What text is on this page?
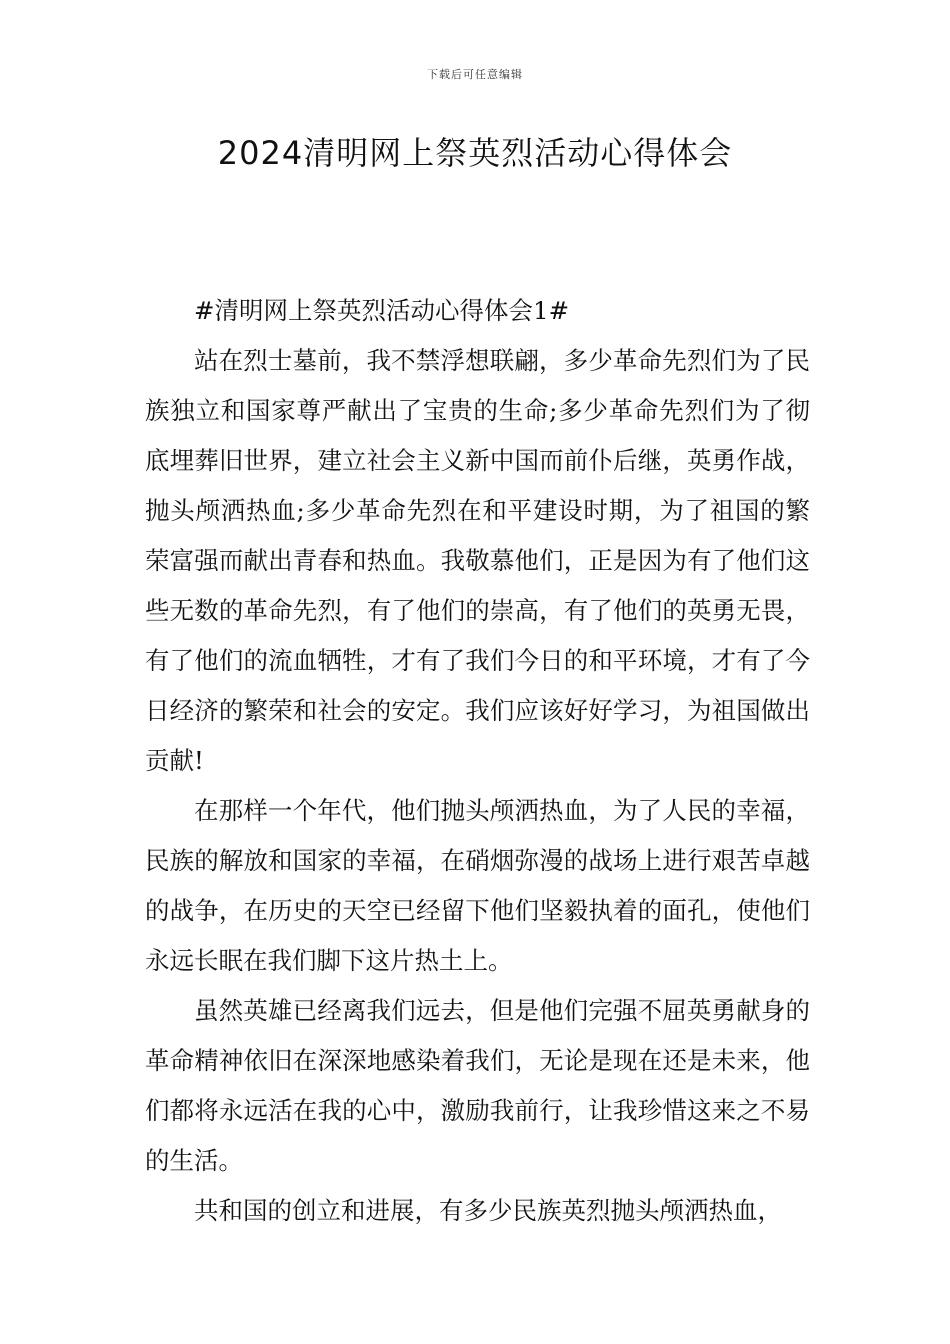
下载后可任意编辑
2024清明网上祭英烈活动心得体会

#清明网上祭英烈活动心得体会1#

站在烈士墓前，我不禁浮想联翩，多少革命先烈们为了民族独立和国家尊严献出了宝贵的生命;多少革命先烈们为了彻底埋葬旧世界，建立社会主义新中国而前仆后继，英勇作战，抛头颅洒热血;多少革命先烈在和平建设时期，为了祖国的繁荣富强而献出青春和热血。我敬慕他们，正是因为有了他们这些无数的革命先烈，有了他们的崇高，有了他们的英勇无畏，有了他们的流血牺牲，才有了我们今日的和平环境，才有了今日经济的繁荣和社会的安定。我们应该好好学习，为祖国做出贡献!

在那样一个年代，他们抛头颅洒热血，为了人民的幸福，民族的解放和国家的幸福，在硝烟弥漫的战场上进行艰苦卓越的战争，在历史的天空已经留下他们坚毅执着的面孔，使他们永远长眠在我们脚下这片热土上。

虽然英雄已经离我们远去，但是他们完强不屈英勇献身的革命精神依旧在深深地感染着我们，无论是现在还是未来，他们都将永远活在我的心中，激励我前行，让我珍惜这来之不易的生活。

共和国的创立和进展，有多少民族英烈抛头颅洒热血，
